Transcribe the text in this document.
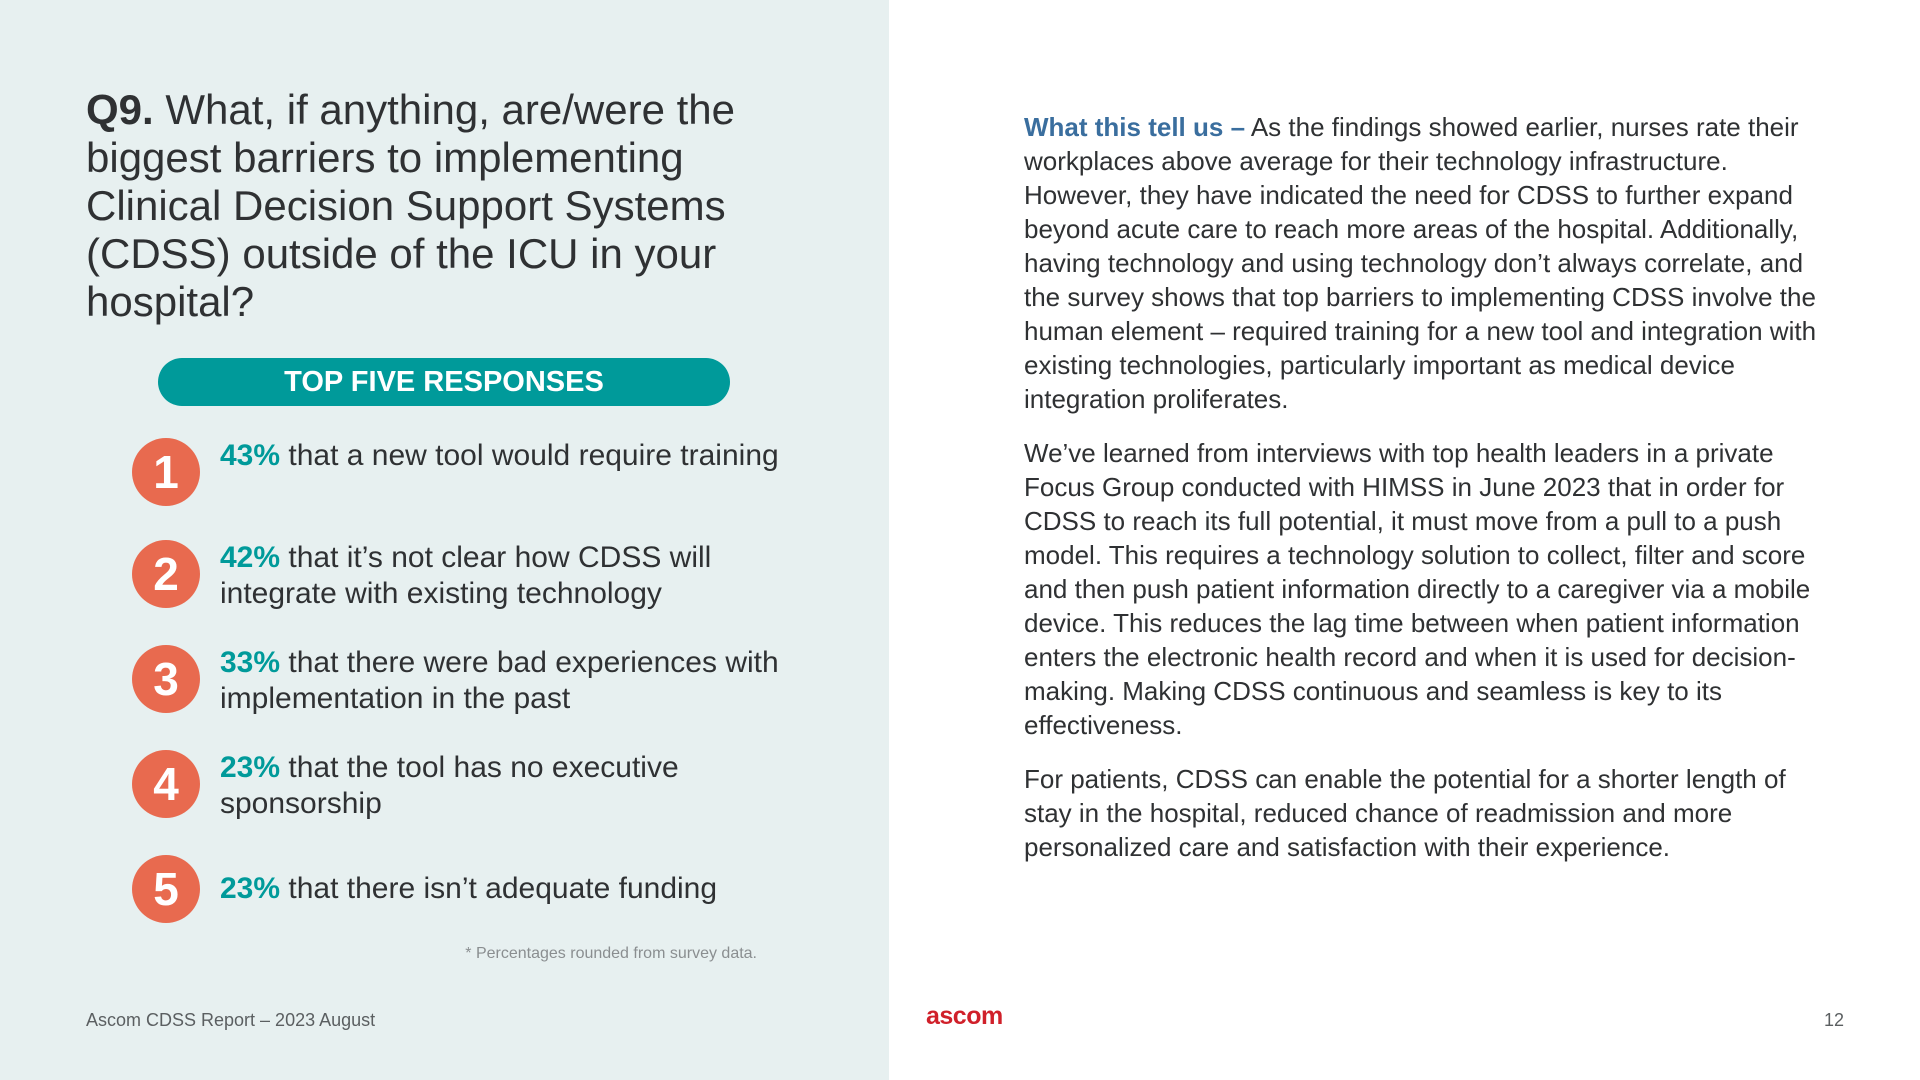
Q9. What, if anything, are/were the biggest barriers to implementing Clinical Decision Support Systems (CDSS) outside of the ICU in your hospital?
TOP FIVE RESPONSES
1	43% that a new tool would require training
2	42% that it’s not clear how CDSS will integrate with existing technology
3	33% that there were bad experiences with implementation in the past
4	23% that the tool has no executive sponsorship
5	23% that there isn’t adequate funding
* Percentages rounded from survey data.
Ascom CDSS Report – 2023 August

What this tell us – As the findings showed earlier, nurses rate their workplaces above average for their technology infrastructure. However, they have indicated the need for CDSS to further expand beyond acute care to reach more areas of the hospital. Additionally, having technology and using technology don’t always correlate, and the survey shows that top barriers to implementing CDSS involve the human element – required training for a new tool and integration with existing technologies, particularly important as medical device integration proliferates.

We’ve learned from interviews with top health leaders in a private Focus Group conducted with HIMSS in June 2023 that in order for CDSS to reach its full potential, it must move from a pull to a push model. This requires a technology solution to collect, filter and score and then push patient information directly to a caregiver via a mobile device. This reduces the lag time between when patient information enters the electronic health record and when it is used for decision-making. Making CDSS continuous and seamless is key to its effectiveness.

For patients, CDSS can enable the potential for a shorter length of stay in the hospital, reduced chance of readmission and more personalized care and satisfaction with their experience.

ascom	12
